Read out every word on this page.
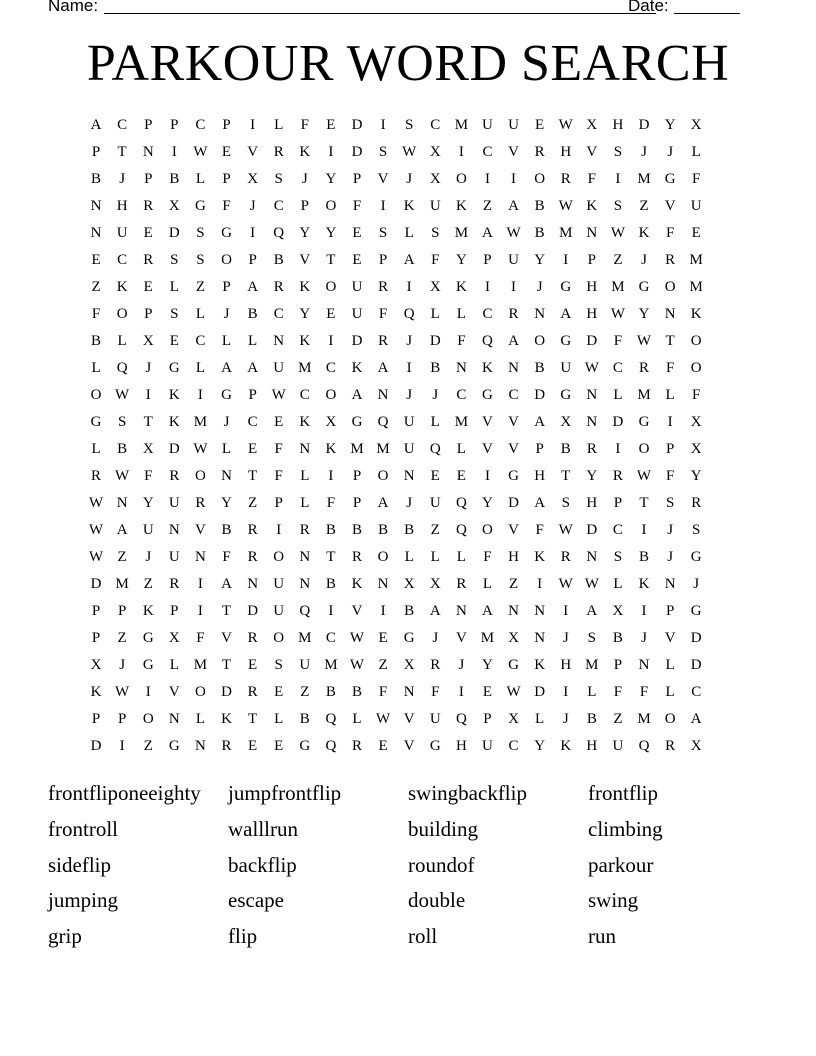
Name:	Date:
PARKOUR WORD SEARCH
A	C	P	P	C	P	I	L	F	E	D	I	S	C M U	U	E W X	H	D	Y	X
P	T	N	I	W E	V	R	K	I	D	S W X	I	C	V	R	H	V	S	J	J	L
B	J	P	B	L	P	X	S	J	Y	P	V	J	X	O	I	I	O	R	F	I	M G	F
N	H	R	X	G	F	J	C	P	O	F	I	K	U	K	Z	A	B W K	S	Z	V	U
N	U	E	D	S	G	I	Q	Y	Y	E	S	L	S	M A W B M N W K	F	E
E	C	R	S	S	O	P	B	V	T	E	P	A	F	Y	P	U	Y	I	P	Z	J	R M
Z	K	E	L	Z	P	A	R	K	O	U	R	I	X	K	I	I	J	G	H M G	O M
F	O	P	S	L	J	B	C	Y	E	U	F	Q	L	L	C	R	N	A	H W Y	N	K
B	L	X	E	C	L	L	N	K	I	D	R	J	D	F	Q	A	O	G	D	F W T	O
L	Q	J	G	L	A	A	U M C	K	A	I	B	N	K	N	B	U W C	R	F	O
O W	I	K	I	G	P W C	O	A	N	J	J	C	G	C	D	G	N	L M L	F
G	S	T	K M	J	C	E	K	X	G	Q	U	L M V	V	A	X	N	D	G	I	X
L	B	X	D W L	E	F	N	K M M U	Q	L	V	V	P	B	R	I	O	P	X
R W F	R	O	N	T	F	L	I	P	O	N	E	E	I	G	H	T	Y	R W F	Y
W N	Y	U	R	Y	Z	P	L	F	P	A	J	U	Q	Y	D	A	S	H	P	T	S	R
W A	U	N	V	B	R	I	R	B	B	B	B	Z	Q	O	V	F W D	C	I	J	S
W Z	J	U	N	F	R	O	N	T	R	O	L	L	L	F	H	K	R	N	S	B	J	G
D M Z	R	I	A	N	U	N	B	K	N	X	X	R	L	Z	I	W W L	K	N	J
P	P	K	P	I	T	D	U	Q	I	V	I	B	A	N	A	N	N	I	A	X	I	P	G
P	Z	G	X	F	V	R	O M C W E	G	J	V M X	N	J	S	B	J	V	D
X	J	G	L M T	E	S	U M W Z	X	R	J	Y	G	K	H M	P	N	L	D
K W	I	V	O	D	R	E	Z	B	B	F	N	F	I	E W D	I	L	F	F	L	C
P	P	O	N	L	K	T	L	B	Q	L W V	U	Q	P	X	L	J	B	Z M O	A
D	I	Z	G	N	R	E	E	G	Q	R	E	V	G	H	U	C	Y	K	H	U	Q	R	X
frontfliponeeighty	jumpfrontflip	swingbackflip	frontflip
frontroll	walllrun	building	climbing
sideflip	backflip	roundof	parkour
jumping	escape	double	swing
grip	flip	roll	run
